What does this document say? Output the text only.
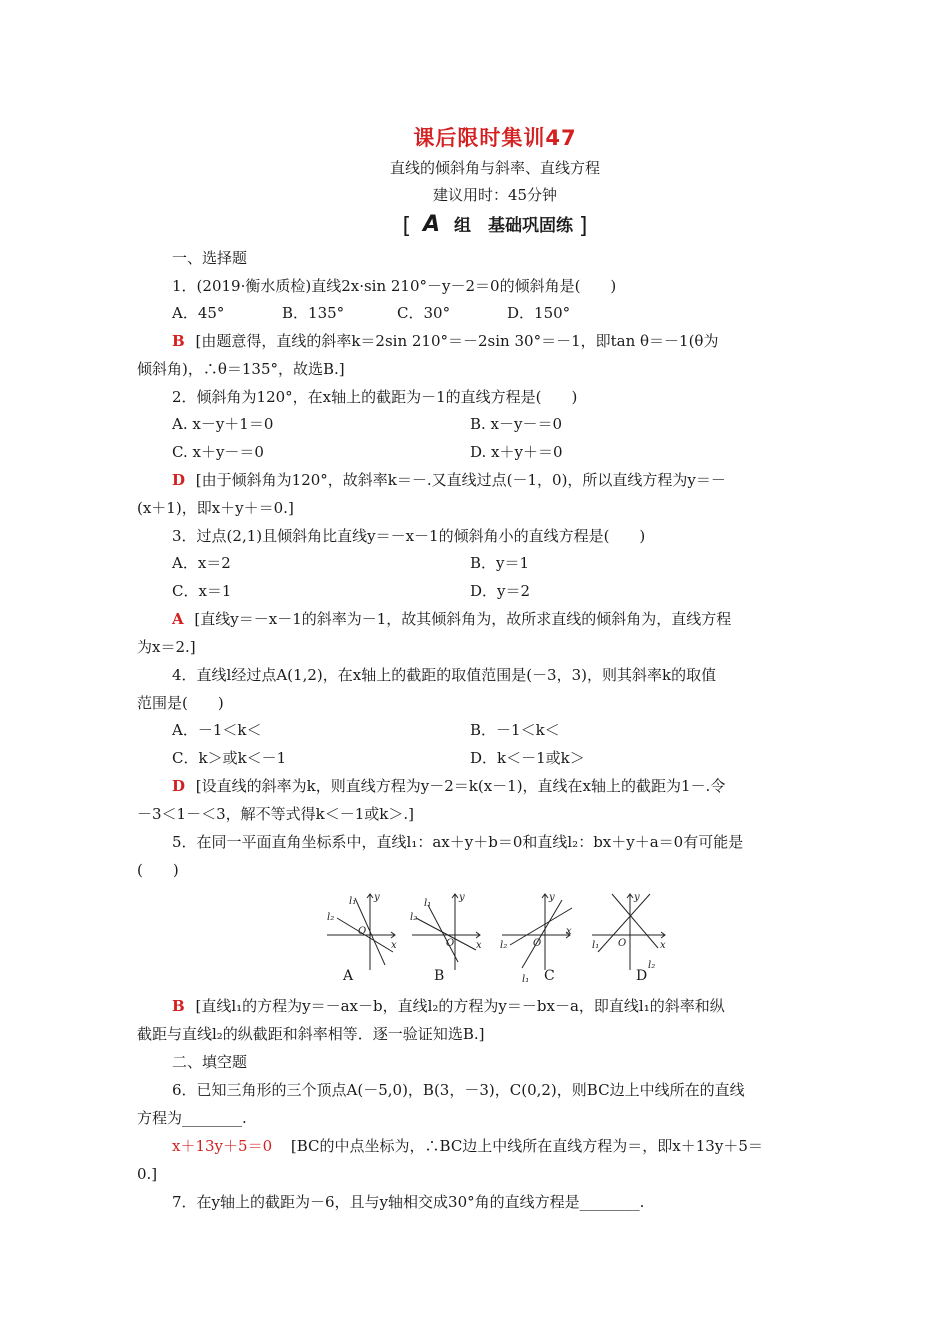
课后限时集训47
直线的倾斜角与斜率、直线方程
建议用时：45分钟
[ A 组　基础巩固练 ]
一、选择题
1．(2019·衡水质检)直线2x·sin 210°－y－2＝0的倾斜角是(　　)
A．45°	B．135°	C．30°	D．150°
B [由题意得，直线的斜率k＝2sin 210°＝－2sin 30°＝－1，即tan θ＝－1(θ为
倾斜角)，∴θ＝135°，故选B.]
2．倾斜角为120°，在x轴上的截距为－1的直线方程是(　　)
A. x－y＋1＝0	B. x－y－＝0
C. x＋y－＝0	D. x＋y＋＝0
D [由于倾斜角为120°，故斜率k＝－.又直线过点(－1，0)，所以直线方程为y＝－
(x＋1)，即x＋y＋＝0.]
3．过点(2,1)且倾斜角比直线y＝－x－1的倾斜角小的直线方程是(　　)
A．x＝2	B．y＝1
C．x＝1	D．y＝2
A [直线y＝－x－1的斜率为－1，故其倾斜角为，故所求直线的倾斜角为，直线方程
为x＝2.]
4．直线l经过点A(1,2)，在x轴上的截距的取值范围是(－3，3)，则其斜率k的取值
范围是(　　)
A．－1＜k＜	B．－1＜k＜
C．k＞或k＜－1	D．k＜－1或k＞
D [设直线的斜率为k，则直线方程为y－2＝k(x－1)，直线在x轴上的截距为1－.令
－3＜1－＜3，解不等式得k＜－1或k＞.]
5．在同一平面直角坐标系中，直线l₁：ax＋y＋b＝0和直线l₂：bx＋y＋a＝0有可能是
(　　)
l₁
l₂
y
x
O
l₁
l₂
y
x
O	l₂
l₁
y
x
O	l₁
l₂
y
x
O
A	B	C	D
B [直线l₁的方程为y＝－ax－b，直线l₂的方程为y＝－bx－a，即直线l₁的斜率和纵
截距与直线l₂的纵截距和斜率相等．逐一验证知选B.]
二、填空题
6．已知三角形的三个顶点A(－5,0)，B(3，－3)，C(0,2)，则BC边上中线所在的直线
方程为________.
x＋13y＋5＝0 [BC的中点坐标为，∴BC边上中线所在直线方程为＝，即x＋13y＋5＝
0.]
7．在y轴上的截距为－6，且与y轴相交成30°角的直线方程是________.
